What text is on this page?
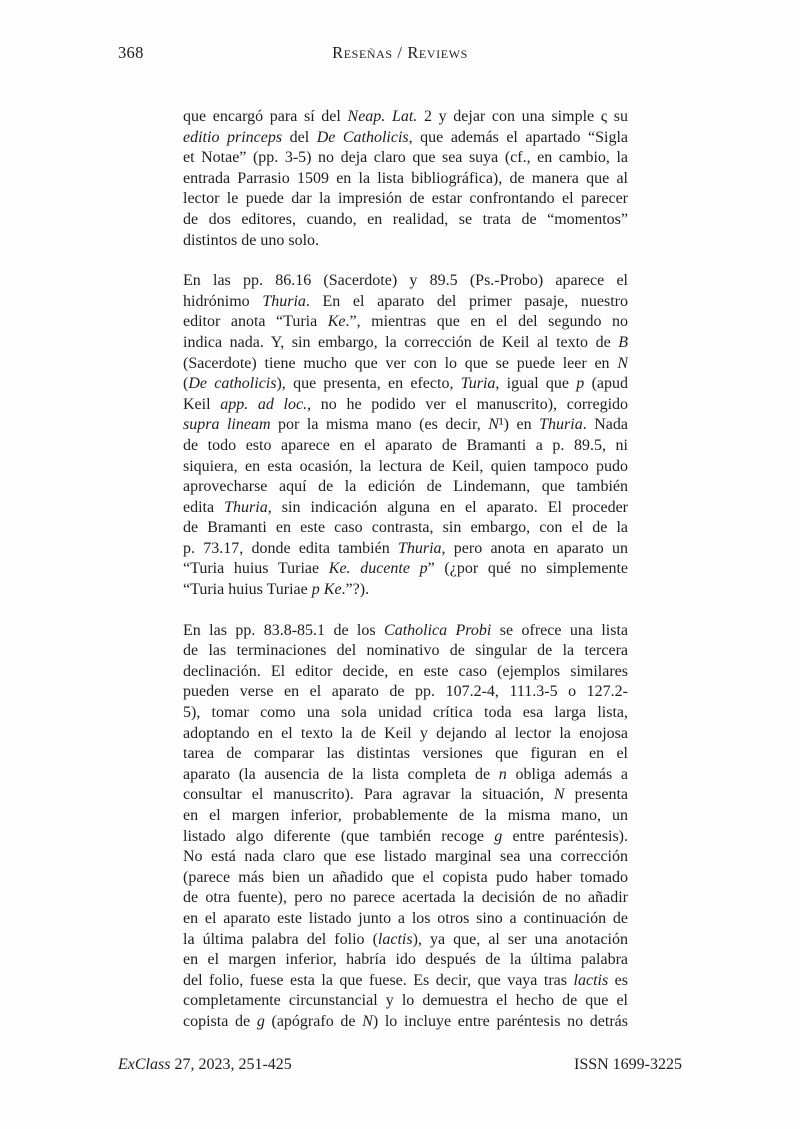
368	Reseñas / Reviews
que encargó para sí del Neap. Lat. 2 y dejar con una simple ς su
editio princeps del De Catholicis, que además el apartado “Sigla
et Notae” (pp. 3-5) no deja claro que sea suya (cf., en cambio, la
entrada Parrasio 1509 en la lista bibliográfica), de manera que al
lector le puede dar la impresión de estar confrontando el parecer
de dos editores, cuando, en realidad, se trata de “momentos”
distintos de uno solo.
En las pp. 86.16 (Sacerdote) y 89.5 (Ps.-Probo) aparece el
hidrónimo Thuria. En el aparato del primer pasaje, nuestro
editor anota “Turia Ke.”, mientras que en el del segundo no
indica nada. Y, sin embargo, la corrección de Keil al texto de B
(Sacerdote) tiene mucho que ver con lo que se puede leer en N
(De catholicis), que presenta, en efecto, Turia, igual que p (apud
Keil app. ad loc., no he podido ver el manuscrito), corregido
supra lineam por la misma mano (es decir, N¹) en Thuria. Nada
de todo esto aparece en el aparato de Bramanti a p. 89.5, ni
siquiera, en esta ocasión, la lectura de Keil, quien tampoco pudo
aprovecharse aquí de la edición de Lindemann, que también
edita Thuria, sin indicación alguna en el aparato. El proceder
de Bramanti en este caso contrasta, sin embargo, con el de la
p. 73.17, donde edita también Thuria, pero anota en aparato un
“Turia huius Turiae Ke. ducente p” (¿por qué no simplemente
“Turia huius Turiae p Ke.”?).
En las pp. 83.8-85.1 de los Catholica Probi se ofrece una lista
de las terminaciones del nominativo de singular de la tercera
declinación. El editor decide, en este caso (ejemplos similares
pueden verse en el aparato de pp. 107.2-4, 111.3-5 o 127.2-
5), tomar como una sola unidad crítica toda esa larga lista,
adoptando en el texto la de Keil y dejando al lector la enojosa
tarea de comparar las distintas versiones que figuran en el
aparato (la ausencia de la lista completa de n obliga además a
consultar el manuscrito). Para agravar la situación, N presenta
en el margen inferior, probablemente de la misma mano, un
listado algo diferente (que también recoge g entre paréntesis).
No está nada claro que ese listado marginal sea una corrección
(parece más bien un añadido que el copista pudo haber tomado
de otra fuente), pero no parece acertada la decisión de no añadir
en el aparato este listado junto a los otros sino a continuación de
la última palabra del folio (lactis), ya que, al ser una anotación
en el margen inferior, habría ido después de la última palabra
del folio, fuese esta la que fuese. Es decir, que vaya tras lactis es
completamente circunstancial y lo demuestra el hecho de que el
copista de g (apógrafo de N) lo incluye entre paréntesis no detrás
ExClass 27, 2023, 251-425	ISSN 1699-3225
